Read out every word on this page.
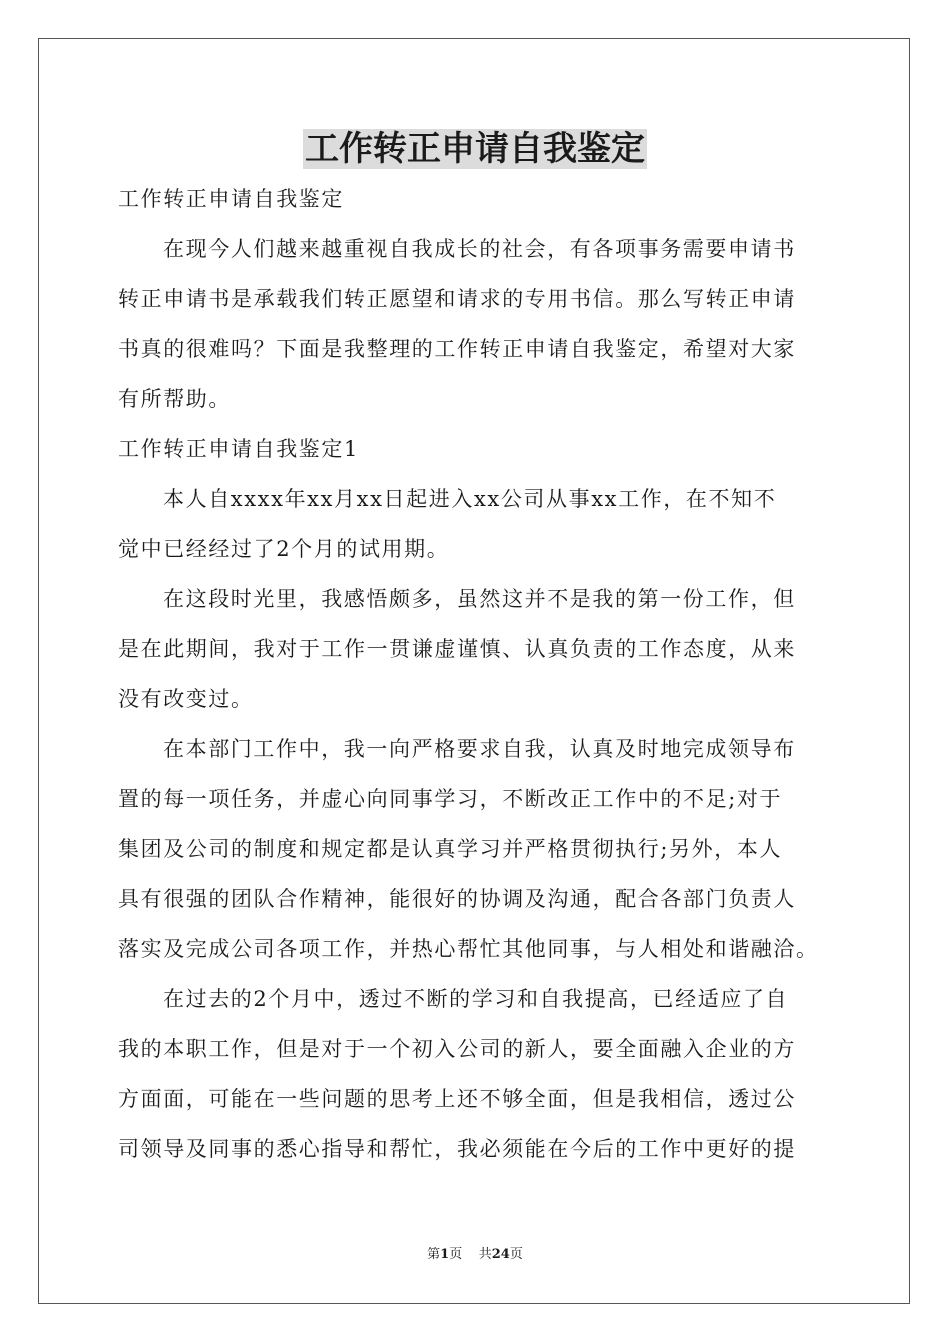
工作转正申请自我鉴定
工作转正申请自我鉴定
在现今人们越来越重视自我成长的社会，有各项事务需要申请书
转正申请书是承载我们转正愿望和请求的专用书信。那么写转正申请
书真的很难吗？下面是我整理的工作转正申请自我鉴定，希望对大家
有所帮助。
工作转正申请自我鉴定1
本人自xxxx年xx月xx日起进入xx公司从事xx工作，在不知不
觉中已经经过了2个月的试用期。
在这段时光里，我感悟颇多，虽然这并不是我的第一份工作，但
是在此期间，我对于工作一贯谦虚谨慎、认真负责的工作态度，从来
没有改变过。
在本部门工作中，我一向严格要求自我，认真及时地完成领导布
置的每一项任务，并虚心向同事学习，不断改正工作中的不足;对于
集团及公司的制度和规定都是认真学习并严格贯彻执行;另外，本人
具有很强的团队合作精神，能很好的协调及沟通，配合各部门负责人
落实及完成公司各项工作，并热心帮忙其他同事，与人相处和谐融洽。
在过去的2个月中，透过不断的学习和自我提高，已经适应了自
我的本职工作，但是对于一个初入公司的新人，要全面融入企业的方
方面面，可能在一些问题的思考上还不够全面，但是我相信，透过公
司领导及同事的悉心指导和帮忙，我必须能在今后的工作中更好的提
第1页 共24页
